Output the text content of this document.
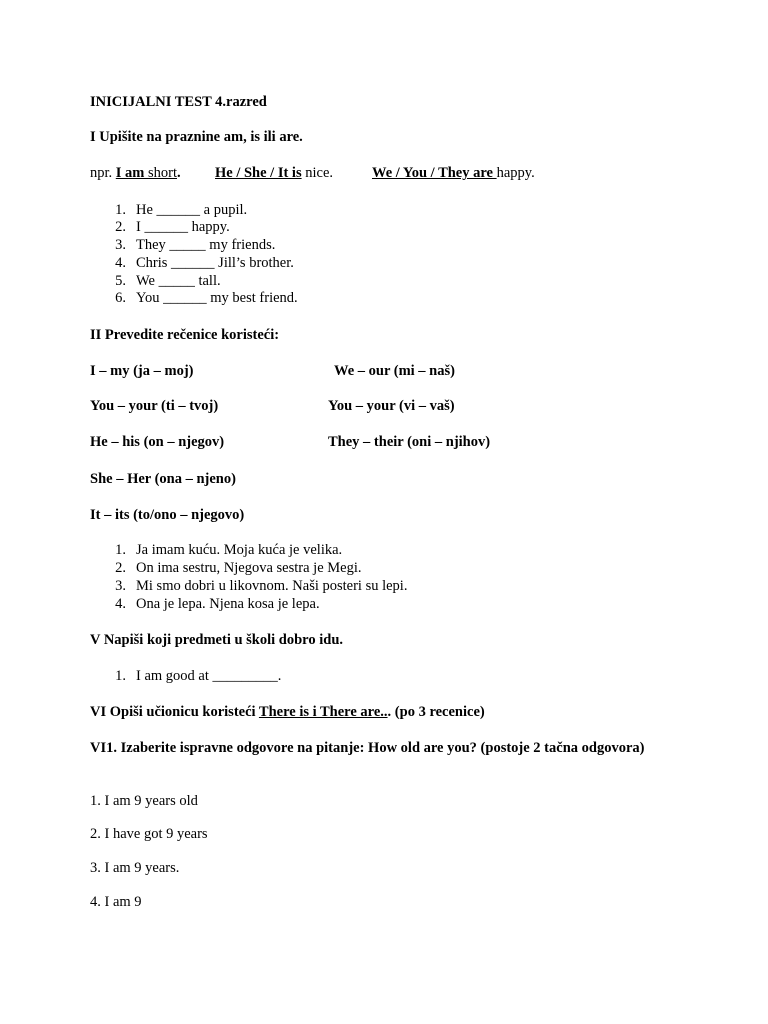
INICIJALNI TEST 4.razred
I Upišite na praznine am, is ili are.
npr. I am short. He / She / It is nice.	We / You / They are happy.
1. He ______ a pupil.
2. I ______ happy.
3. They _____ my friends.
4. Chris ______ Jill’s brother.
5. We _____ tall.
6. You ______ my best friend.
II Prevedite rečenice koristeći:
I – my (ja – moj)	We – our (mi – naš)
You – your (ti – tvoj)	You – your (vi – vaš)
He – his (on – njegov)	They – their (oni – njihov)
She – Her (ona – njeno)
It – its (to/ono – njegovo)
1. Ja imam kuću. Moja kuća je velika.
2. On ima sestru, Njegova sestra je Megi.
3. Mi smo dobri u likovnom. Naši posteri su lepi.
4. Ona je lepa. Njena kosa je lepa.
V Napiši koji predmeti u školi dobro idu.
1. I am good at _________.
VI Opiši učionicu koristeći There is i There are... (po 3 recenice)
VI1. Izaberite ispravne odgovore na pitanje: How old are you? (postoje 2 tačna odgovora)
1. I am 9 years old
2. I have got 9 years
3. I am 9 years.
4. I am 9
